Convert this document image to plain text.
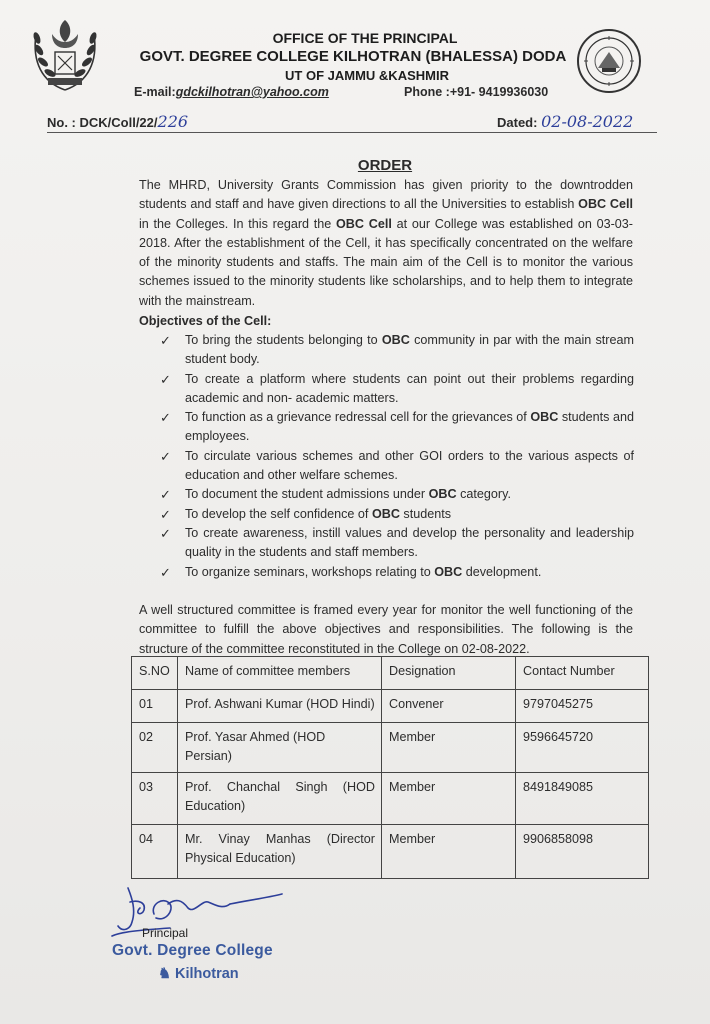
OFFICE OF THE PRINCIPAL
GOVT. DEGREE COLLEGE KILHOTRAN (BHALESSA) DODA
UT OF JAMMU &KASHMIR
E-mail:gdckilhotran@yahoo.com	Phone :+91- 9419936030
No. : DCK/Coll/22/226	Dated: 02-08-2022
ORDER
The MHRD, University Grants Commission has given priority to the downtrodden students and staff and have given directions to all the Universities to establish OBC Cell in the Colleges. In this regard the OBC Cell at our College was established on 03-03-2018. After the establishment of the Cell, it has specifically concentrated on the welfare of the minority students and staffs. The main aim of the Cell is to monitor the various schemes issued to the minority students like scholarships, and to help them to integrate with the mainstream.
Objectives of the Cell:
✓ To bring the students belonging to OBC community in par with the main stream student body.
✓ To create a platform where students can point out their problems regarding academic and non- academic matters.
✓ To function as a grievance redressal cell for the grievances of OBC students and employees.
✓ To circulate various schemes and other GOI orders to the various aspects of education and other welfare schemes.
✓ To document the student admissions under OBC category.
✓ To develop the self confidence of OBC students
✓ To create awareness, instill values and develop the personality and leadership quality in the students and staff members.
✓ To organize seminars, workshops relating to OBC development.
A well structured committee is framed every year for monitor the well functioning of the committee to fulfill the above objectives and responsibilities. The following is the structure of the committee reconstituted in the College on 02-08-2022.
S.NO	Name of committee members	Designation	Contact Number
01	Prof. Ashwani Kumar (HOD Hindi)	Convener	9797045275
02	Prof. Yasar Ahmed (HOD Persian)	Member	9596645720
03	Prof. Chanchal Singh (HOD Education)	Member	8491849085
04	Mr. Vinay Manhas (Director Physical Education)	Member	9906858098
Principal
Govt. Degree College
♞ Kilhotran
